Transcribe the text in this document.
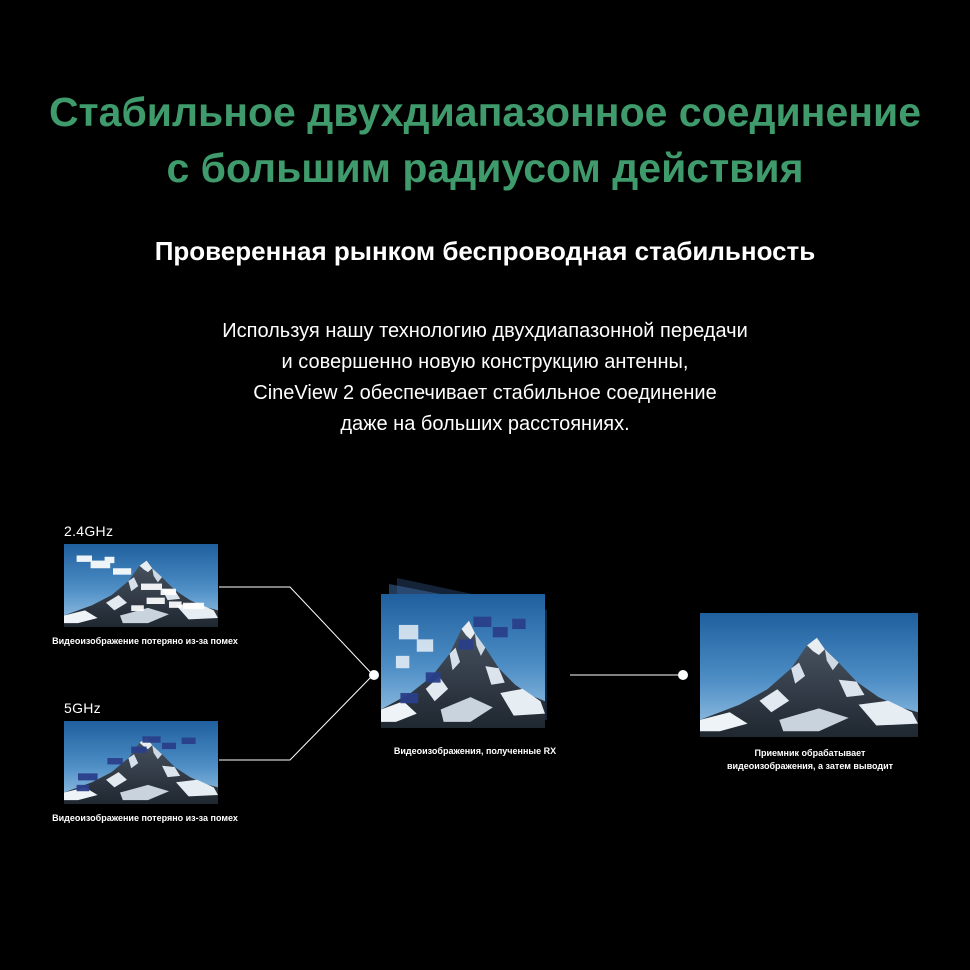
Стабильное двухдиапазонное соединение
с большим радиусом действия
Проверенная рынком беспроводная стабильность
Используя нашу технологию двухдиапазонной передачи
и совершенно новую конструкцию антенны,
CineView 2 обеспечивает стабильное соединение
даже на больших расстояниях.
2.4GHz
Видеоизображение потеряно из-за помех
5GHz
Видеоизображение потеряно из-за помех
Видеоизображения, полученные RX	Приемник обрабатывает
видеоизображения, а затем выводит
